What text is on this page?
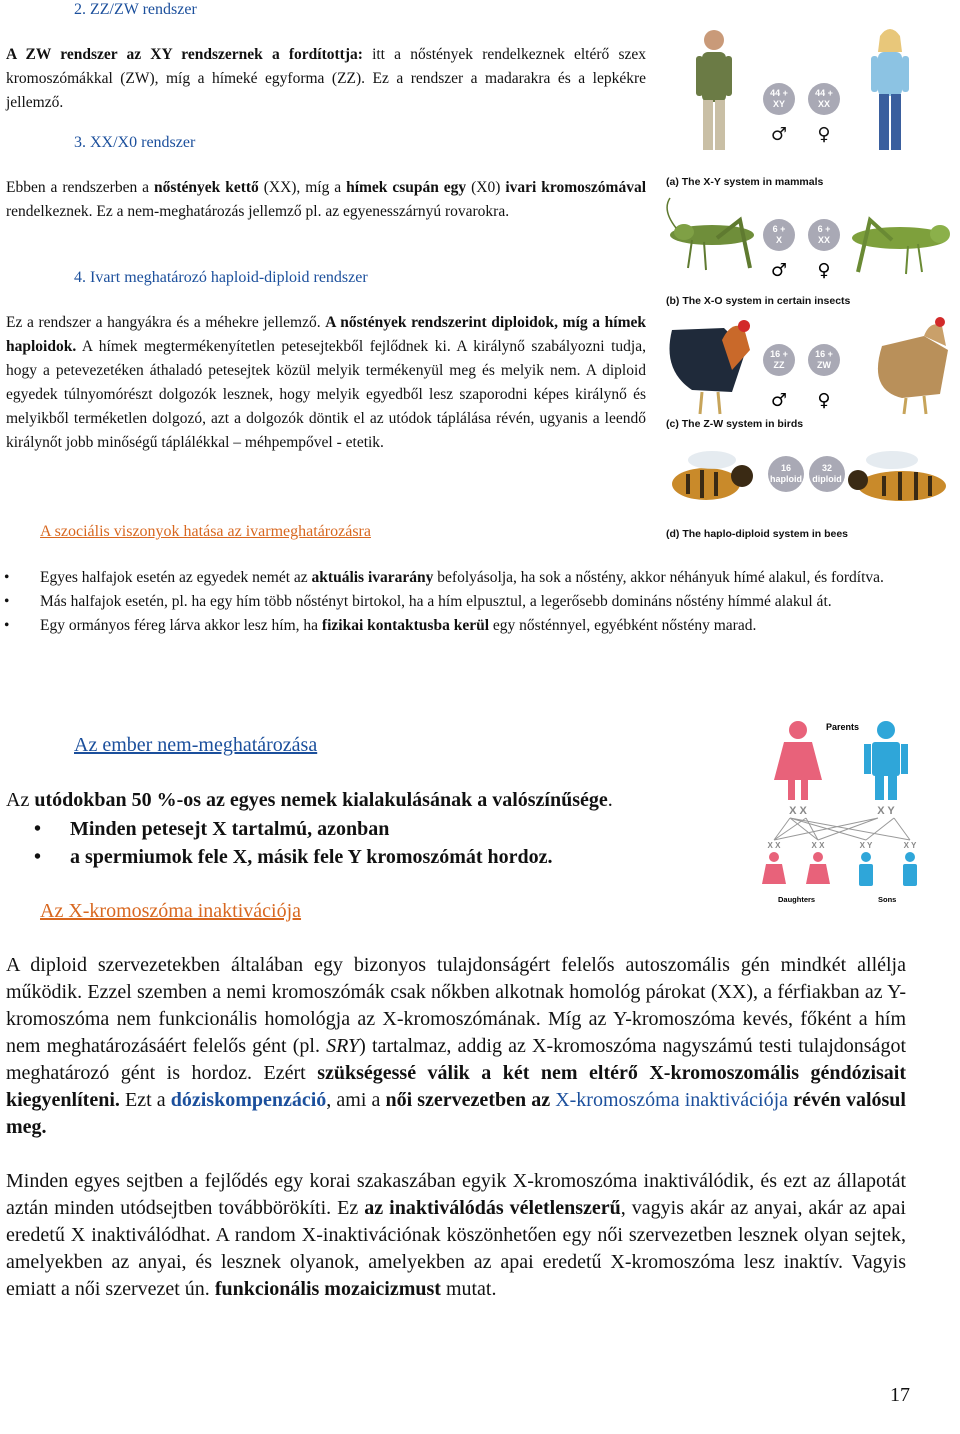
2. ZZ/ZW rendszer
A ZW rendszer az XY rendszernek a fordítottja: itt a nőstények rendelkeznek eltérő szex kromoszómákkal (ZW), míg a hímeké egyforma (ZZ). Ez a rendszer a madarakra és a lepkékre jellemző.
3. XX/X0 rendszer
Ebben a rendszerben a nőstények kettő (XX), míg a hímek csupán egy (X0) ivari kromoszómával rendelkeznek. Ez a nem-meghatározás jellemző pl. az egyenesszárnyú rovarokra.
4. Ivart meghatározó haploid-diploid rendszer
Ez a rendszer a hangyákra és a méhekre jellemző. A nőstények rendszerint diploidok, míg a hímek haploidok. A hímek megtermékenyítetlen petesejtekből fejlődnek ki. A királynő szabályozni tudja, hogy a petevezetéken áthaladó petesejtek közül melyik termékenyül meg és melyik nem. A diploid egyedek túlnyomórészt dolgozók lesznek, hogy melyik egyedből lesz szaporodni képes királynő és melyikből terméketlen dolgozó, azt a dolgozók döntik el az utódok táplálása révén, ugyanis a leendő királynőt jobb minőségű táplálékkal – méhpempővel - etetik.
44 +
XY
44 +
XX
♂ ♀
(a) The X-Y system in mammals
6 +
X
6 +
XX
♂ ♀
(b) The X-O system in certain insects
16 +
ZZ
16 +
ZW
♂ ♀
(c) The Z-W system in birds
16
haploid
32
diploid
(d) The haplo-diploid system in bees
A szociális viszonyok hatása az ivarmeghatározásra
• Egyes halfajok esetén az egyedek nemét az aktuális ivararány befolyásolja, ha sok a nőstény, akkor néhányuk hímé alakul, és fordítva.
• Más halfajok esetén, pl. ha egy hím több nőstényt birtokol, ha a hím elpusztul, a legerősebb domináns nőstény hímmé alakul át.
• Egy ormányos féreg lárva akkor lesz hím, ha fizikai kontaktusba kerül egy nősténnyel, egyébként nőstény marad.
Az ember nem-meghatározása
Az utódokban 50 %-os az egyes nemek kialakulásának a valószínűsége.
• Minden petesejt X tartalmú, azonban
• a spermiumok fele X, másik fele Y kromoszómát hordoz.
Parents
X X	X Y
X X	X X	X Y	X Y
Daughters	Sons
Az X-kromoszóma inaktivációja
A diploid szervezetekben általában egy bizonyos tulajdonságért felelős autoszomális gén mindkét allélja működik. Ezzel szemben a nemi kromoszómák csak nőkben alkotnak homológ párokat (XX), a férfiakban az Y-kromoszóma nem funkcionális homológja az X-kromoszómának. Míg az Y-kromoszóma kevés, főként a hím nem meghatározásáért felelős gént (pl. SRY) tartalmaz, addig az X-kromoszóma nagyszámú testi tulajdonságot meghatározó gént is hordoz. Ezért szükségessé válik a két nem eltérő X-kromoszomális géndózisait kiegyenlíteni. Ezt a dóziskompenzáció, ami a női szervezetben az X-kromoszóma inaktivációja révén valósul meg.
Minden egyes sejtben a fejlődés egy korai szakaszában egyik X-kromoszóma inaktiválódik, és ezt az állapotát aztán minden utódsejtben továbbörökíti. Ez az inaktiválódás véletlenszerű, vagyis akár az anyai, akár az apai eredetű X inaktiválódhat. A random X-inaktivációnak köszönhetően egy női szervezetben lesznek olyan sejtek, amelyekben az anyai, és lesznek olyanok, amelyekben az apai eredetű X-kromoszóma lesz inaktív. Vagyis emiatt a női szervezet ún. funkcionális mozaicizmust mutat.
17
